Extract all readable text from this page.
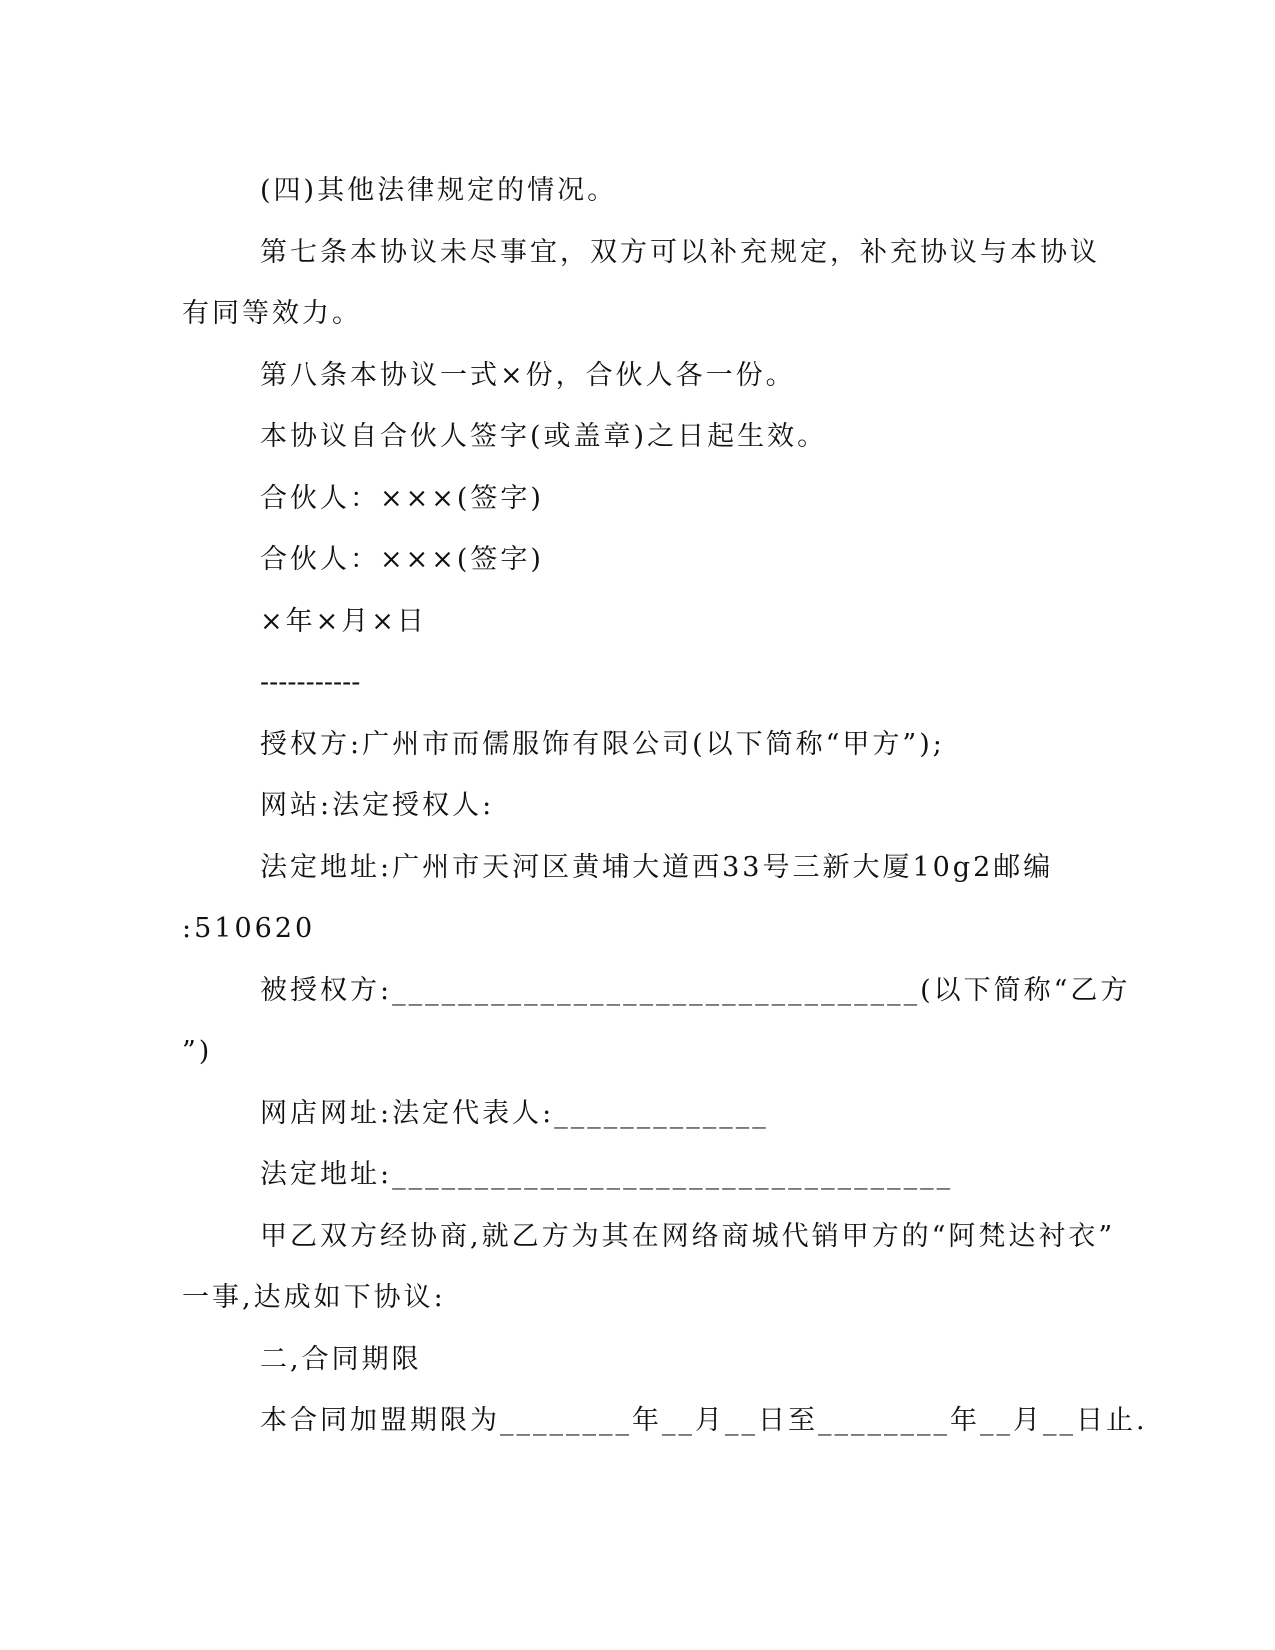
(四)其他法律规定的情况。
第七条本协议未尽事宜，双方可以补充规定，补充协议与本协议
有同等效力。
第八条本协议一式×份，合伙人各一份。
本协议自合伙人签字(或盖章)之日起生效。
合伙人：×××(签字)
合伙人：×××(签字)
×年×月×日
-----------
授权方:广州市而儒服饰有限公司(以下简称“甲方”);
网站:法定授权人:
法定地址:广州市天河区黄埔大道西33号三新大厦10g2邮编
:510620
被授权方:________________________________(以下简称“乙方
”)
网店网址:法定代表人:_____________
法定地址:__________________________________
甲乙双方经协商,就乙方为其在网络商城代销甲方的“阿梵达衬衣”
一事,达成如下协议:
二,合同期限
本合同加盟期限为________年__月__日至________年__月__日止.
